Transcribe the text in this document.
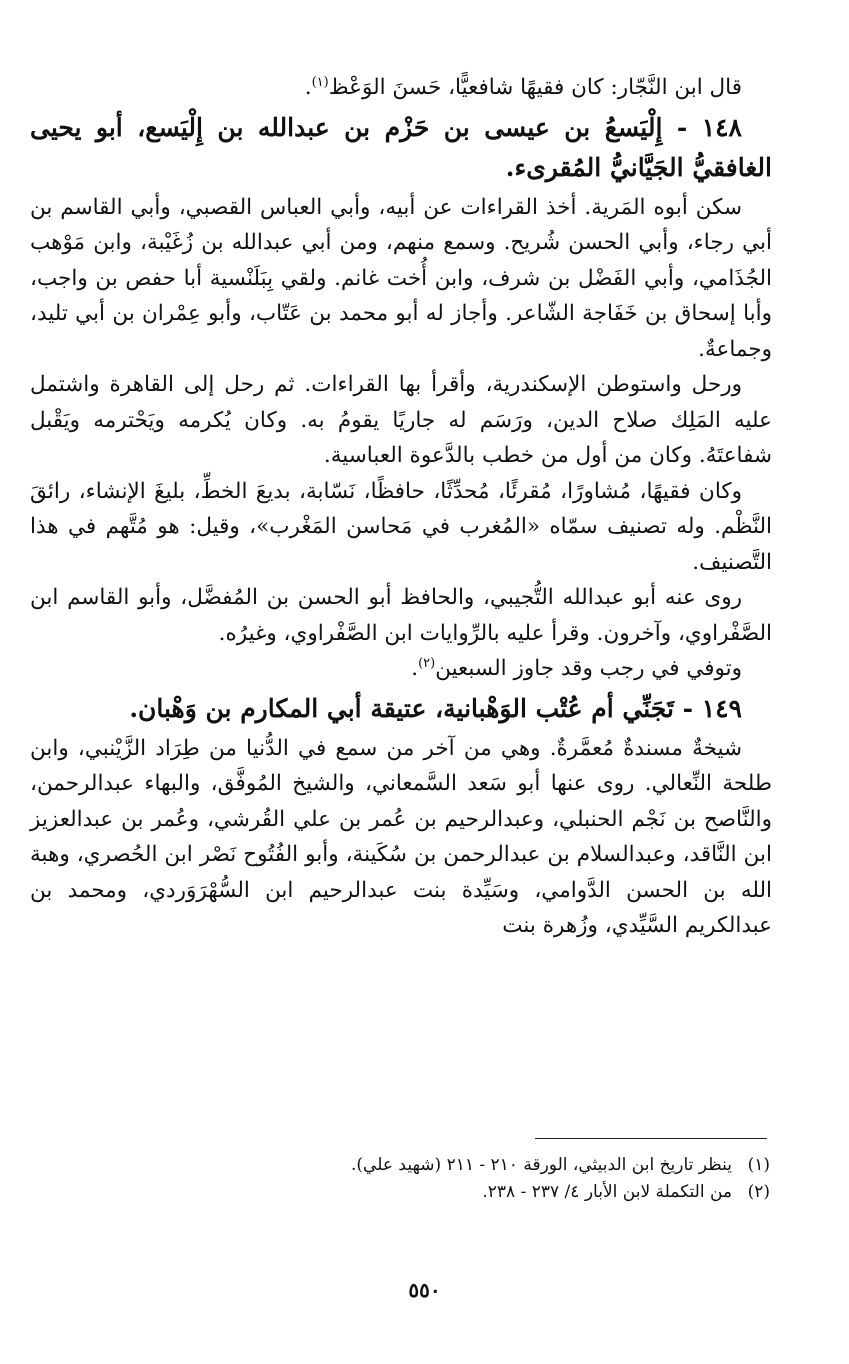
قال ابن النَّجّار: كان فقيهًا شافعيًّا، حَسنَ الوَعْظ$^{(١)}$.

١٤٨ - إِلْيَسعُ بن عيسى بن حَزْم بن عبدالله بن إِلْيَسع، أبو يحيى الغافقيُّ الجَيَّانيُّ المُقرىء.

سكن أبوه المَرية. أخذ القراءات عن أبيه، وأبي العباس القصبي، وأبي القاسم بن أبي رجاء، وأبي الحسن شُريح. وسمع منهم، ومن أبي عبدالله بن زُغَيْبة، وابن مَوْهب الجُذَامي، وأبي الفَضْل بن شرف، وابن أُخت غانم. ولقي بِبَلَنْسية أبا حفص بن واجب، وأبا إسحاق بن خَفَاجة الشّاعر. وأجاز له أبو محمد بن عَتّاب، وأبو عِمْران بن أبي تليد، وجماعةٌ.

ورحل واستوطن الإسكندرية، وأقرأ بها القراءات. ثم رحل إلى القاهرة واشتمل عليه المَلِك صلاح الدين، ورَسَم له جاريًا يقومُ به. وكان يُكرمه ويَحْترمه ويَقْبل شفاعتَهُ. وكان من أول من خطب بالدَّعوة العباسية.

وكان فقيهًا، مُشاورًا، مُقرئًا، مُحدِّثًا، حافظًا، نَسّابة، بديعَ الخطِّ، بليغَ الإنشاء، رائقَ النَّظْم. وله تصنيف سمّاه «المُغرب في مَحاسن المَغْرب»، وقيل: هو مُتَّهم في هذا التَّصنيف.

روى عنه أبو عبدالله التُّجيبي، والحافظ أبو الحسن بن المُفضَّل، وأبو القاسم ابن الصَّفْراوي، وآخرون. وقرأ عليه بالرِّوايات ابن الصَّفْراوي، وغيرُه.

وتوفي في رجب وقد جاوز السبعين$^{(٢)}$.

١٤٩ - تَجَنِّي أم عُتْب الوَهْبانية، عتيقة أبي المكارم بن وَهْبان.

شيخةٌ مسندةٌ مُعمَّرةٌ. وهي من آخر من سمع في الدُّنيا من طِرَاد الزَّيْنبي، وابن طلحة النِّعالي. روى عنها أبو سَعد السَّمعاني، والشيخ المُوفَّق، والبهاء عبدالرحمن، والنَّاصح بن نَجْم الحنبلي، وعبدالرحيم بن عُمر بن علي القُرشي، وعُمر بن عبدالعزيز ابن النَّاقد، وعبدالسلام بن عبدالرحمن بن سُكَينة، وأبو الفُتُوح نَصْر ابن الحُصري، وهبة الله بن الحسن الدَّوامي، وسَيِّدة بنت عبدالرحيم ابن السُّهْرَوَردي، ومحمد بن عبدالكريم السَّيِّدي، وزُهرة بنت

(١)ينظر تاريخ ابن الدبيثي، الورقة ٢١٠ - ٢١١ (شهيد علي).
(٢)من التكملة لابن الأبار ٤/ ٢٣٧ - ٢٣٨.
٥٥٠
